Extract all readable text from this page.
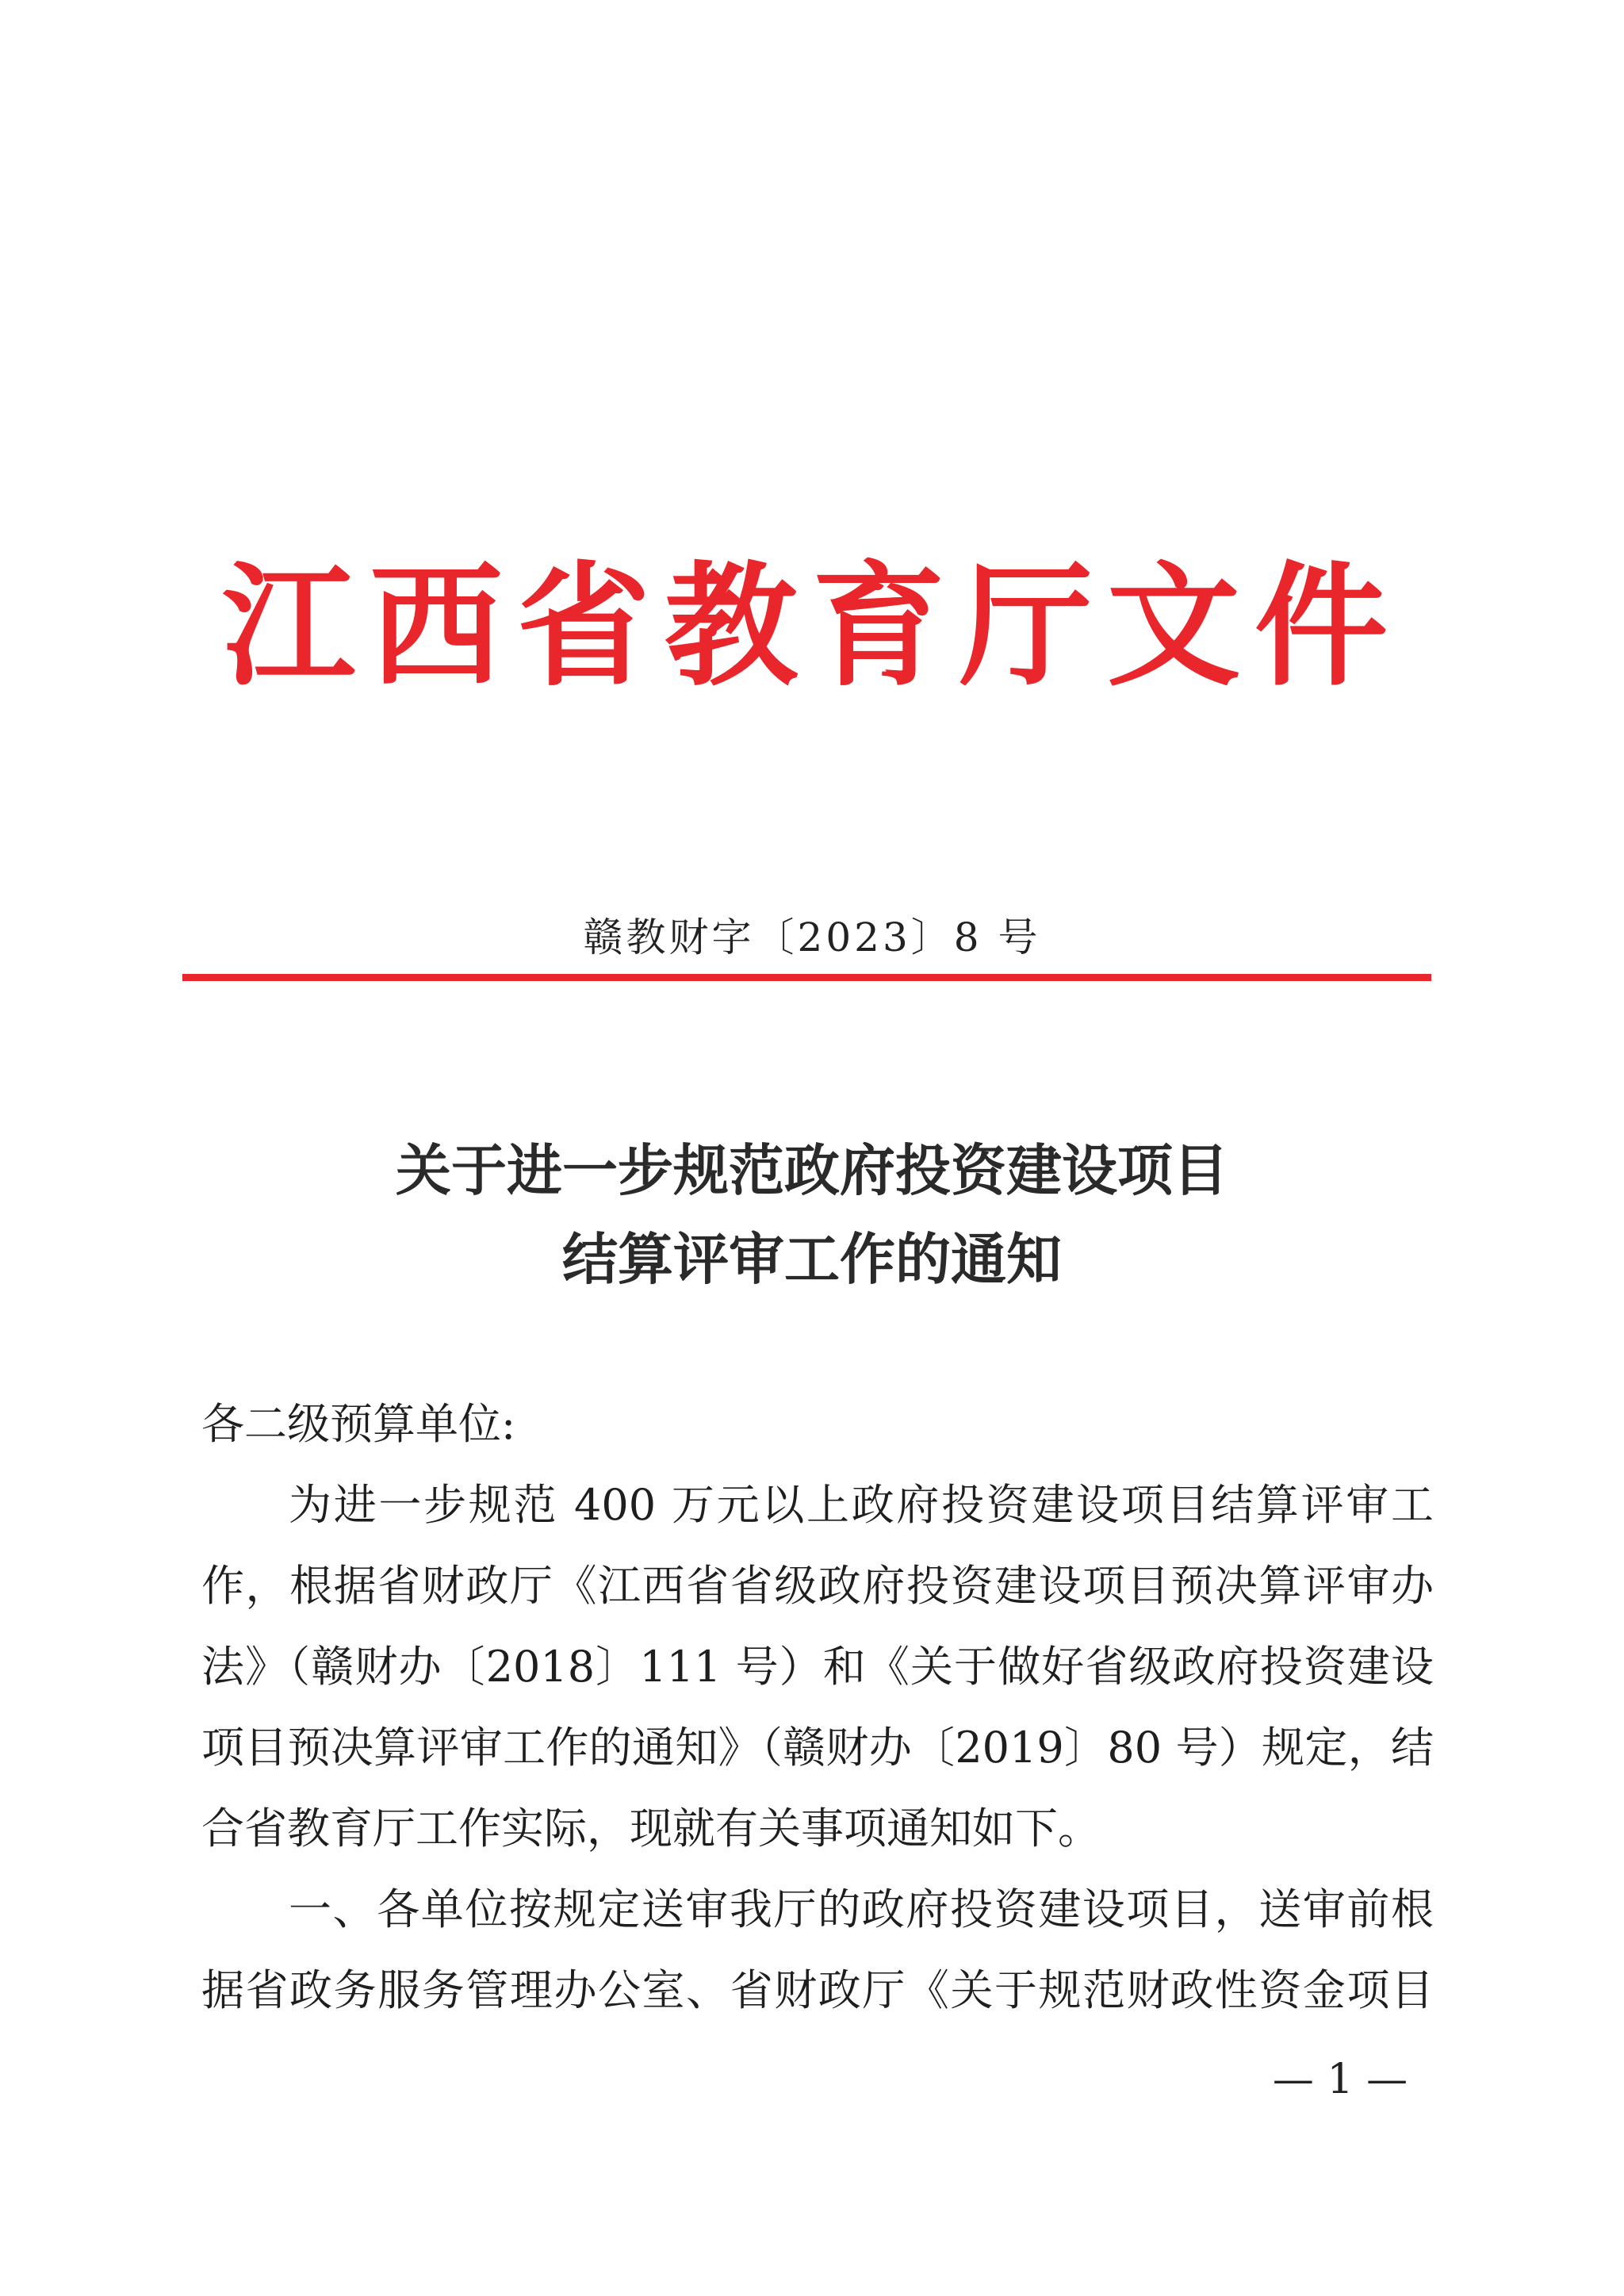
江西省教育厅文件
赣教财字〔2023〕8 号
关于进一步规范政府投资建设项目
结算评审工作的通知
各二级预算单位:
为进一步规范 400 万元以上政府投资建设项目结算评审工
作，根据省财政厅《江西省省级政府投资建设项目预决算评审办
法》（赣财办〔2018〕111 号）和《关于做好省级政府投资建设
项目预决算评审工作的通知》（赣财办〔2019〕80 号）规定，结
合省教育厅工作实际，现就有关事项通知如下。
一、各单位按规定送审我厅的政府投资建设项目，送审前根
据省政务服务管理办公室、省财政厅《关于规范财政性资金项目
— 1 —
